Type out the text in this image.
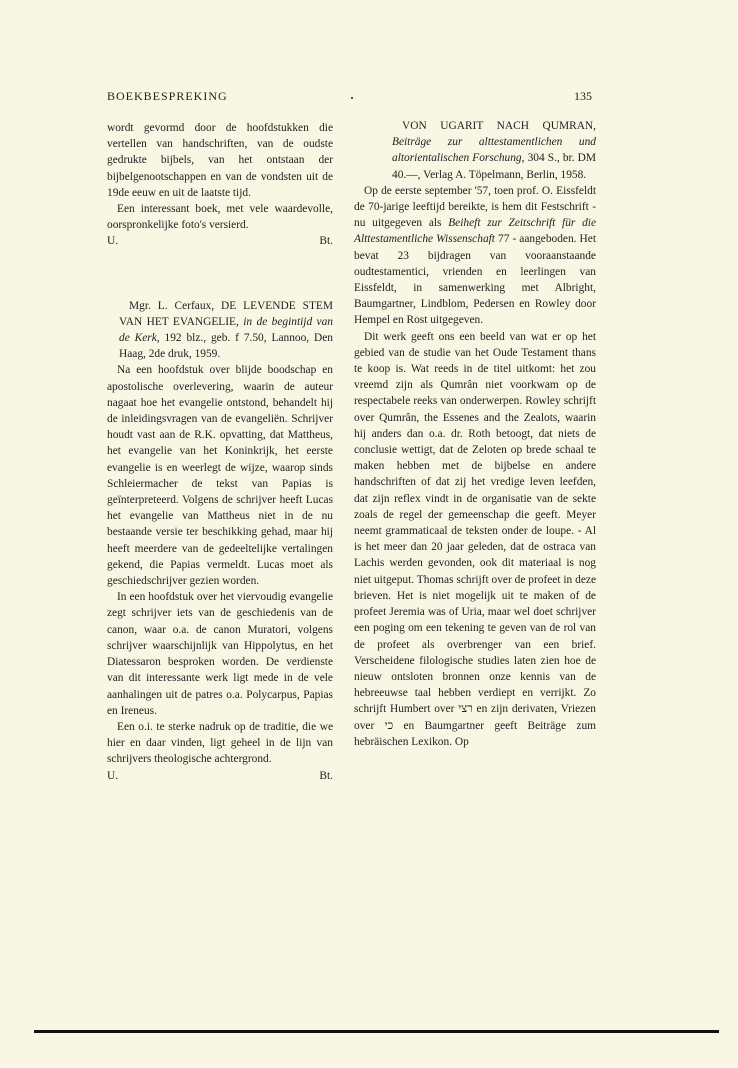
BOEKBESPREKING	135

wordt gevormd door de hoofdstukken die vertellen van handschriften, van de oudste gedrukte bijbels, van het ontstaan der bijbelgenootschappen en van de vondsten uit de 19de eeuw en uit de laatste tijd.

Een interessant boek, met vele waardevolle, oorspronkelijke foto's versierd.

U.	Bt.

Mgr. L. Cerfaux, DE LEVENDE STEM VAN HET EVANGELIE, in de begintijd van de Kerk, 192 blz., geb. f 7.50, Lannoo, Den Haag, 2de druk, 1959.

Na een hoofdstuk over blijde boodschap en apostolische overlevering, waarin de auteur nagaat hoe het evangelie ontstond, behandelt hij de inleidingsvragen van de evangeliën. Schrijver houdt vast aan de R.K. opvatting, dat Mattheus, het evangelie van het Koninkrijk, het eerste evangelie is en weerlegt de wijze, waarop sinds Schleiermacher de tekst van Papias is geïnterpreteerd. Volgens de schrijver heeft Lucas het evangelie van Mattheus niet in de nu bestaande versie ter beschikking gehad, maar hij heeft meerdere van de gedeeltelijke vertalingen gekend, die Papias vermeldt. Lucas moet als geschiedschrijver gezien worden.

In een hoofdstuk over het viervoudig evangelie zegt schrijver iets van de geschiedenis van de canon, waar o.a. de canon Muratori, volgens schrijver waarschijnlijk van Hippolytus, en het Diatessaron besproken worden. De verdienste van dit interessante werk ligt mede in de vele aanhalingen uit de patres o.a. Polycarpus, Papias en Ireneus.

Een o.i. te sterke nadruk op de traditie, die we hier en daar vinden, ligt geheel in de lijn van schrijvers theologische achtergrond.

U.	Bt.

VON UGARIT NACH QUMRAN, Beiträge zur alttestamentlichen und altorientalischen Forschung, 304 S., br. DM 40.—, Verlag A. Töpelmann, Berlin, 1958.

Op de eerste september '57, toen prof. O. Eissfeldt de 70-jarige leeftijd bereikte, is hem dit Festschrift - nu uitgegeven als Beiheft zur Zeitschrift für die Alttestamentliche Wissenschaft 77 - aangeboden. Het bevat 23 bijdragen van vooraanstaande oudtestamentici, vrienden en leerlingen van Eissfeldt, in samenwerking met Albright, Baumgartner, Lindblom, Pedersen en Rowley door Hempel en Rost uitgegeven.

Dit werk geeft ons een beeld van wat er op het gebied van de studie van het Oude Testament thans te koop is. Wat reeds in de titel uitkomt: het zou vreemd zijn als Qumrân niet voorkwam op de respectabele reeks van onderwerpen. Rowley schrijft over Qumrân, the Essenes and the Zealots, waarin hij anders dan o.a. dr. Roth betoogt, dat niets de conclusie wettigt, dat de Zeloten op brede schaal te maken hebben met de bijbelse en andere handschriften of dat zij het vredige leven leefden, dat zijn reflex vindt in de organisatie van de sekte zoals de regel der gemeenschap die geeft. Meyer neemt grammaticaal de teksten onder de loupe. - Al is het meer dan 20 jaar geleden, dat de ostraca van Lachis werden gevonden, ook dit materiaal is nog niet uitgeput. Thomas schrijft over de profeet in deze brieven. Het is niet mogelijk uit te maken of de profeet Jeremia was of Uria, maar wel doet schrijver een poging om een tekening te geven van de rol van de profeet als overbrenger van een brief. Verscheidene filologische studies laten zien hoe de nieuw ontsloten bronnen onze kennis van de hebreeuwse taal hebben verdiept en verrijkt. Zo schrijft Humbert over רצי en zijn derivaten, Vriezen over כי en Baumgartner geeft Beiträge zum hebräischen Lexikon. Op
